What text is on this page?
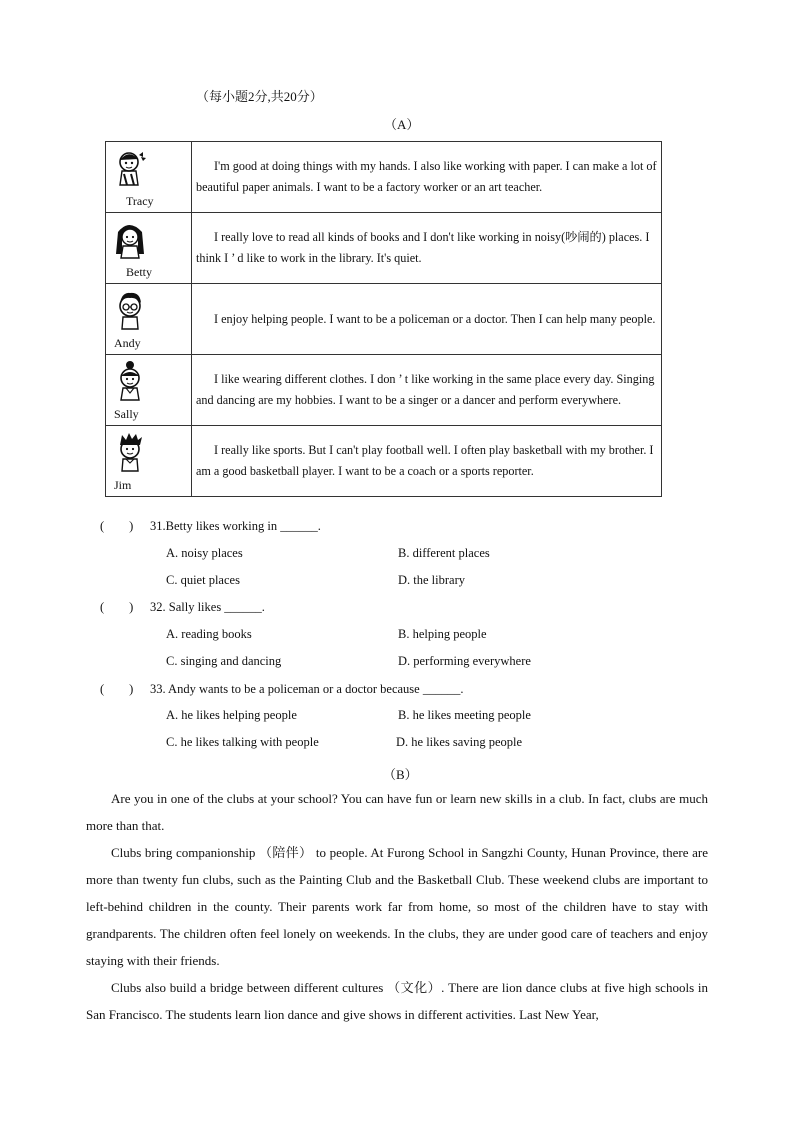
（每小题2分,共20分）
（A）
Tracy	I'm good at doing things with my hands. I also like working with paper. I can make a lot of beautiful paper animals. I want to be a factory worker or an art teacher.

Betty	I really love to read all kinds of books and I don't like working in noisy(吵闹的) places. I think I ’ d like to work in the library. It's quiet.

Andy	I enjoy helping people. I want to be a policeman or a doctor. Then I can help many people.

Sally	I like wearing different clothes. I don ’ t like working in the same place every day. Singing and dancing are my hobbies. I want to be a singer or a dancer and perform everywhere.

Jim	I really like sports. But I can't play football well. I often play basketball with my brother. I am a good basketball player. I want to be a coach or a sports reporter.

(        ) 31.Betty likes working in ______.
A. noisy places	B. different places
C. quiet places	D. the library
(        ) 32. Sally likes ______.
A. reading books	B. helping people
C. singing and dancing	D. performing everywhere
(        ) 33. Andy wants to be a policeman or a doctor because ______.
A. he likes helping people	B. he likes meeting people
C. he likes talking with people	D. he likes saving people
（B）

Are you in one of the clubs at your school? You can have fun or learn new skills in a club. In fact, clubs are much more than that.

Clubs bring companionship （陪伴） to people. At Furong School in Sangzhi County, Hunan Province, there are more than twenty fun clubs, such as the Painting Club and the Basketball Club. These weekend clubs are important to left-behind children in the county. Their parents work far from home, so most of the children have to stay with grandparents. The children often feel lonely on weekends. In the clubs, they are under good care of teachers and enjoy staying with their friends.

Clubs also build a bridge between different cultures （文化）. There are lion dance clubs at five high schools in San Francisco. The students learn lion dance and give shows in different activities. Last New Year,
